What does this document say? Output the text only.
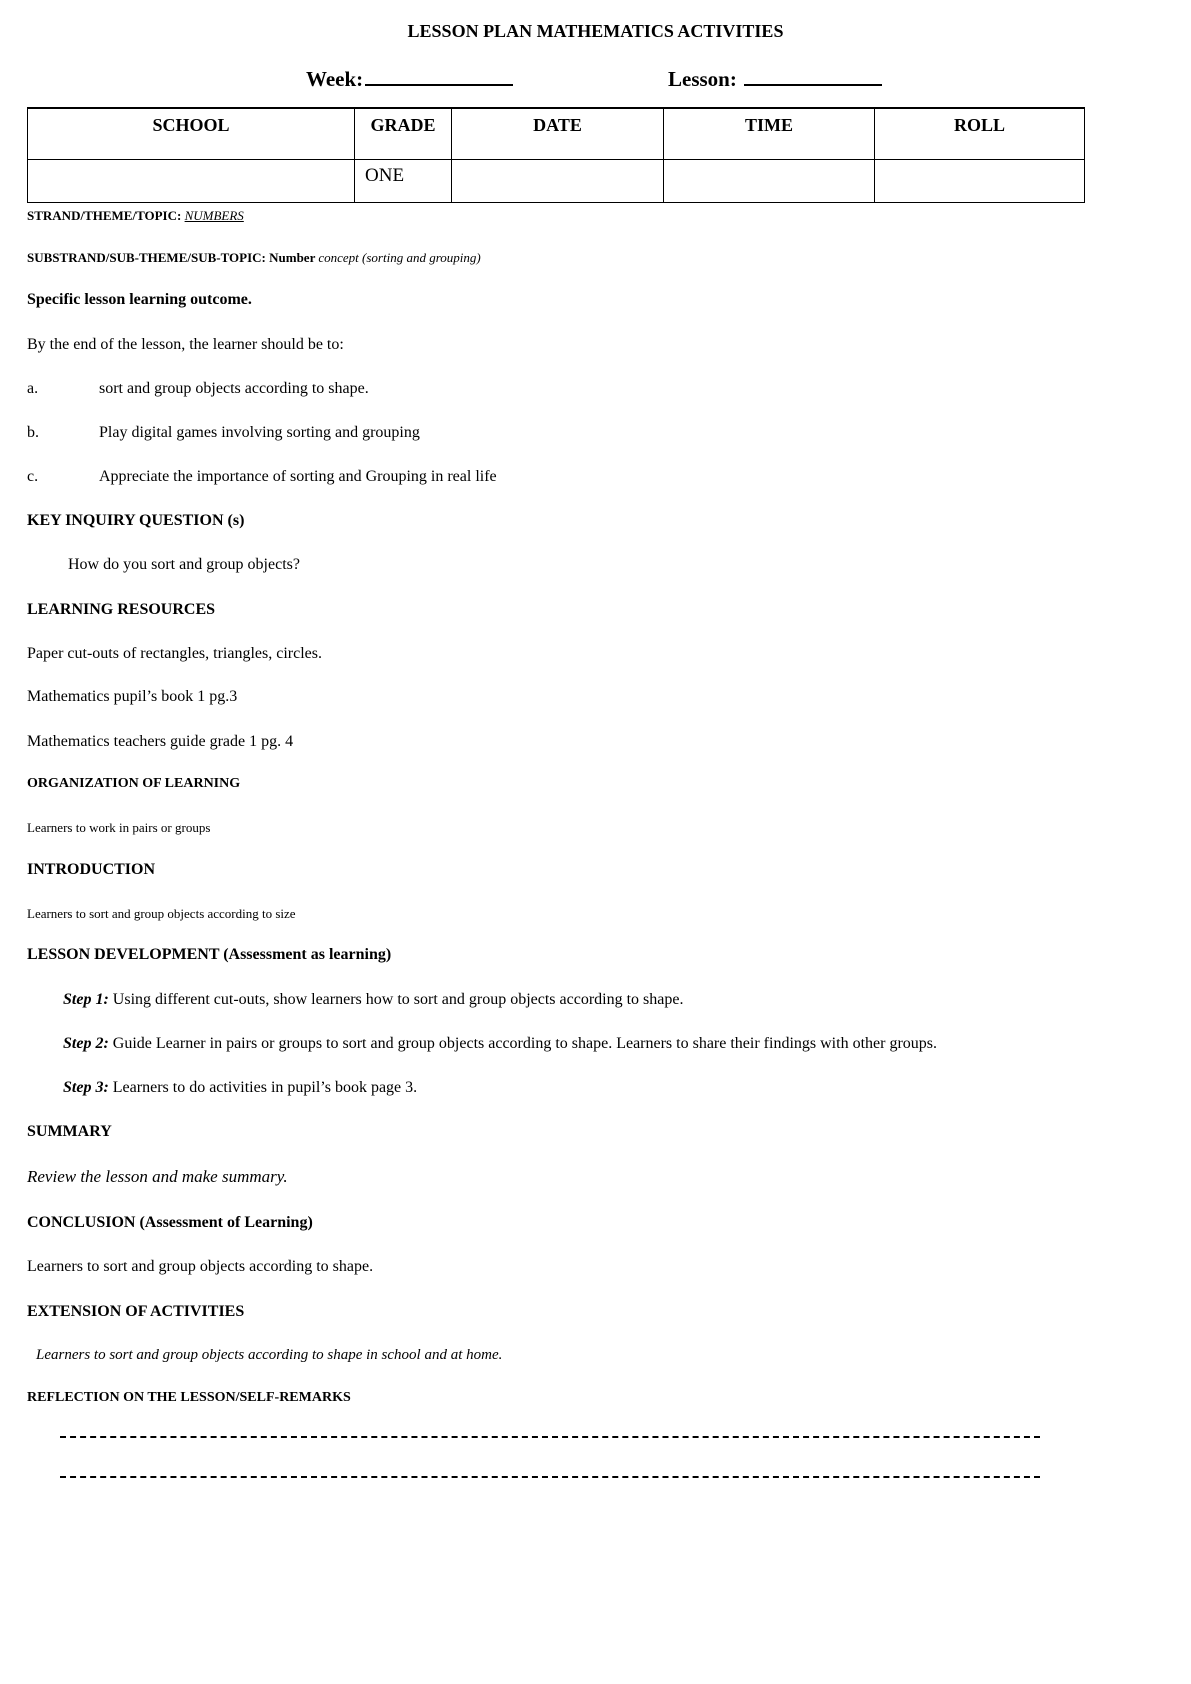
LESSON PLAN MATHEMATICS ACTIVITIES
Week:	Lesson:
SCHOOL	GRADE	DATE	TIME	ROLL
	ONE			
STRAND/THEME/TOPIC: NUMBERS
SUBSTRAND/SUB-THEME/SUB-TOPIC: Number concept (sorting and grouping)
Specific lesson learning outcome.
By the end of the lesson, the learner should be to:
a.	sort and group objects according to shape.
b.	Play digital games involving sorting and grouping
c.	Appreciate the importance of sorting and Grouping in real life
KEY INQUIRY QUESTION (s)
How do you sort and group objects?
LEARNING RESOURCES
Paper cut-outs of rectangles, triangles, circles.
Mathematics pupil’s book 1 pg.3
Mathematics teachers guide grade 1 pg. 4
ORGANIZATION OF LEARNING
Learners to work in pairs or groups
INTRODUCTION
Learners to sort and group objects according to size
LESSON DEVELOPMENT (Assessment as learning)
Step 1: Using different cut-outs, show learners how to sort and group objects according to shape.
Step 2: Guide Learner in pairs or groups to sort and group objects according to shape. Learners to share their findings with other groups.
Step 3: Learners to do activities in pupil’s book page 3.
SUMMARY
Review the lesson and make summary.
CONCLUSION (Assessment of Learning)
Learners to sort and group objects according to shape.
EXTENSION OF ACTIVITIES
Learners to sort and group objects according to shape in school and at home.
REFLECTION ON THE LESSON/SELF-REMARKS
